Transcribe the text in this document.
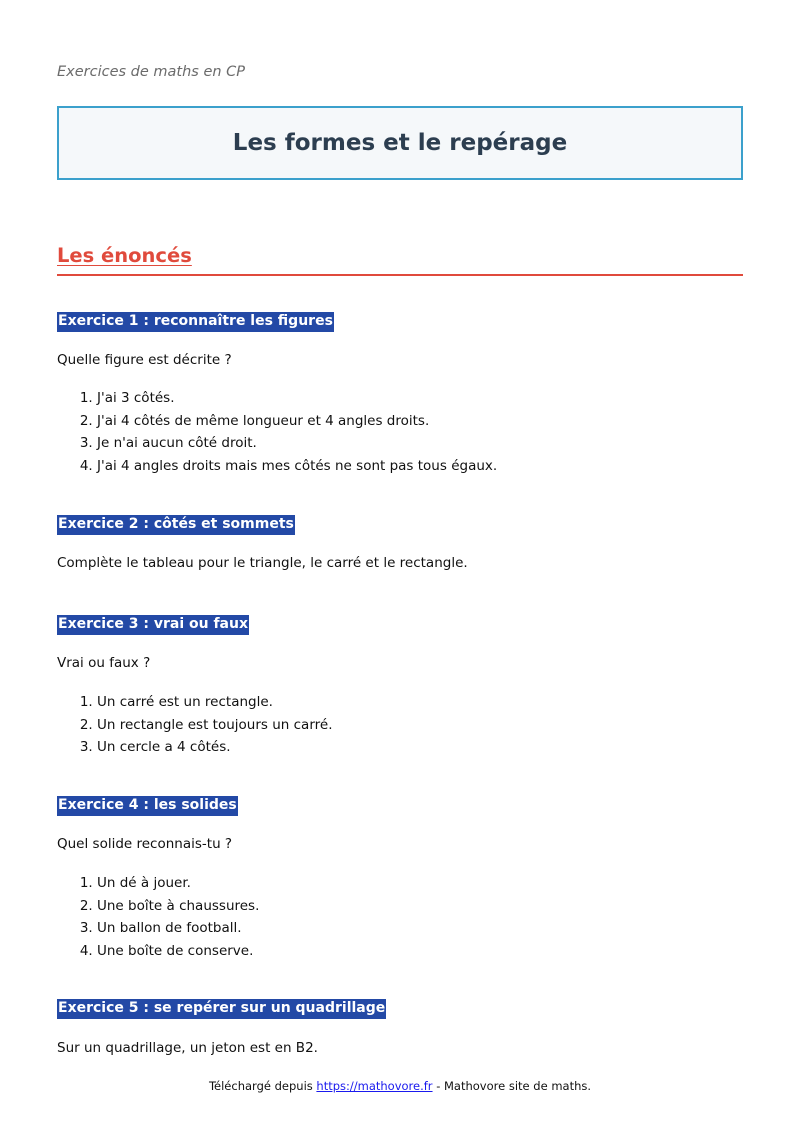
Exercices de maths en CP
Les formes et le repérage
Les énoncés
Exercice 1 : reconnaître les figures
Quelle figure est décrite ?
1. J'ai 3 côtés.
2. J'ai 4 côtés de même longueur et 4 angles droits.
3. Je n'ai aucun côté droit.
4. J'ai 4 angles droits mais mes côtés ne sont pas tous égaux.
Exercice 2 : côtés et sommets
Complète le tableau pour le triangle, le carré et le rectangle.
Exercice 3 : vrai ou faux
Vrai ou faux ?
1. Un carré est un rectangle.
2. Un rectangle est toujours un carré.
3. Un cercle a 4 côtés.
Exercice 4 : les solides
Quel solide reconnais-tu ?
1. Un dé à jouer.
2. Une boîte à chaussures.
3. Un ballon de football.
4. Une boîte de conserve.
Exercice 5 : se repérer sur un quadrillage
Sur un quadrillage, un jeton est en B2.
Téléchargé depuis https://mathovore.fr - Mathovore site de maths.
